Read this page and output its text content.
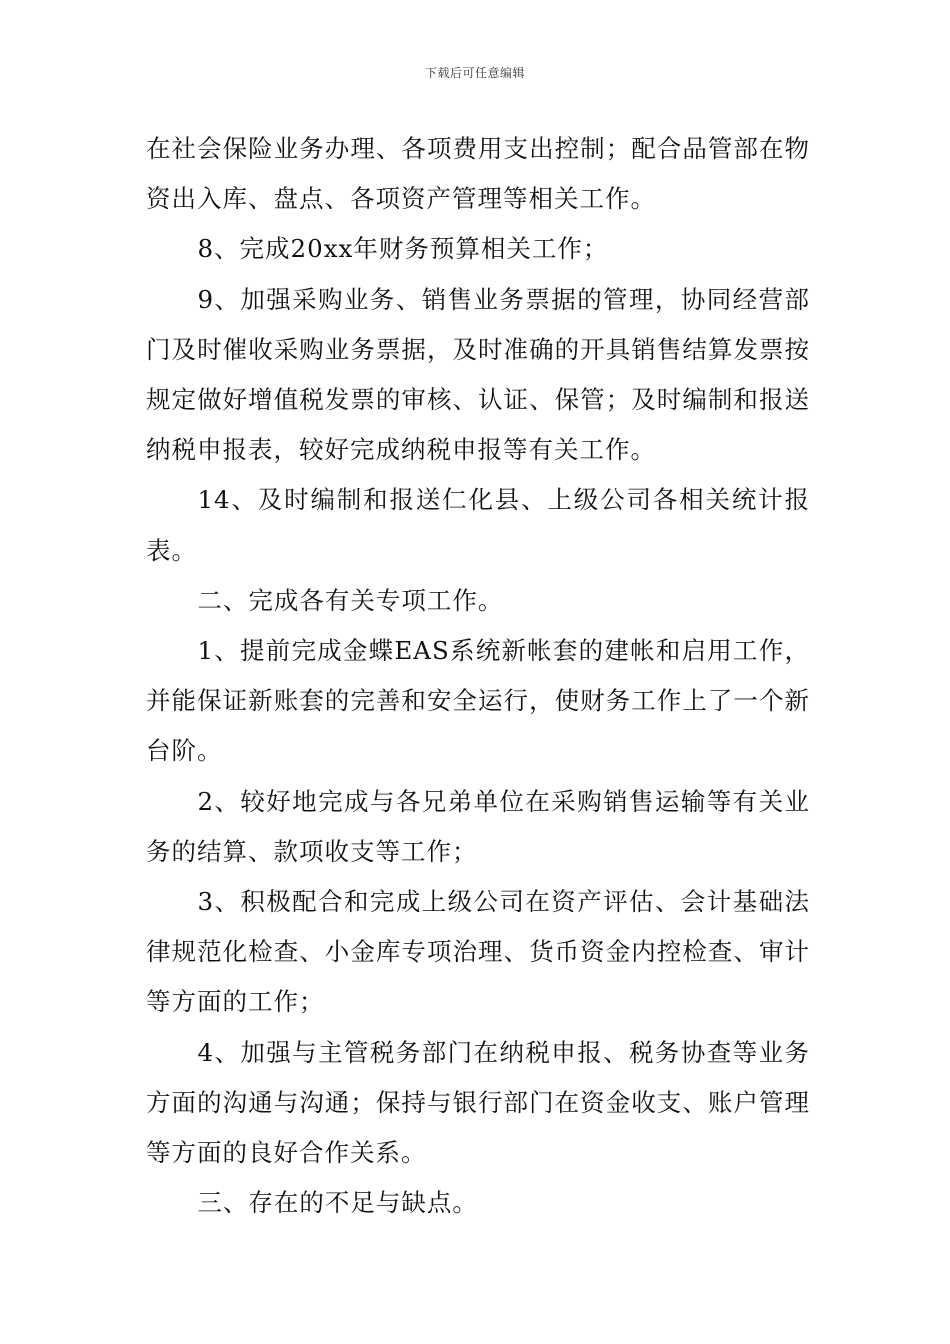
下载后可任意编辑

在社会保险业务办理、各项费用支出控制；配合品管部在物资出入库、盘点、各项资产管理等相关工作。

8、完成20xx年财务预算相关工作；

9、加强采购业务、销售业务票据的管理，协同经营部门及时催收采购业务票据，及时准确的开具销售结算发票按规定做好增值税发票的审核、认证、保管；及时编制和报送纳税申报表，较好完成纳税申报等有关工作。

14、及时编制和报送仁化县、上级公司各相关统计报表。

二、完成各有关专项工作。

1、提前完成金蝶EAS系统新帐套的建帐和启用工作，并能保证新账套的完善和安全运行，使财务工作上了一个新台阶。

2、较好地完成与各兄弟单位在采购销售运输等有关业务的结算、款项收支等工作；

3、积极配合和完成上级公司在资产评估、会计基础法律规范化检查、小金库专项治理、货币资金内控检查、审计等方面的工作；

4、加强与主管税务部门在纳税申报、税务协查等业务方面的沟通与沟通；保持与银行部门在资金收支、账户管理等方面的良好合作关系。

三、存在的不足与缺点。
